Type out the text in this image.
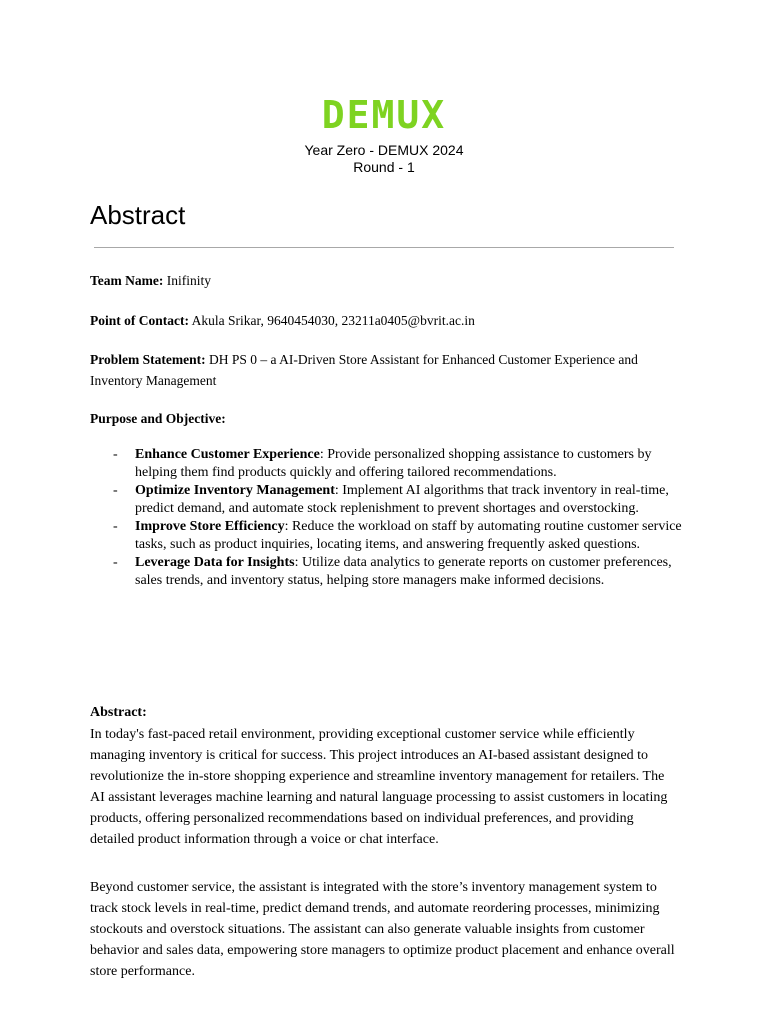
DEMUX
Year Zero - DEMUX 2024
Round - 1
Abstract
Team Name: Inifinity
Point of Contact: Akula Srikar, 9640454030, 23211a0405@bvrit.ac.in
Problem Statement: DH PS 0 – a AI-Driven Store Assistant for Enhanced Customer Experience and Inventory Management
Purpose and Objective:
- Enhance Customer Experience: Provide personalized shopping assistance to customers by helping them find products quickly and offering tailored recommendations.
- Optimize Inventory Management: Implement AI algorithms that track inventory in real-time, predict demand, and automate stock replenishment to prevent shortages and overstocking.
- Improve Store Efficiency: Reduce the workload on staff by automating routine customer service tasks, such as product inquiries, locating items, and answering frequently asked questions.
- Leverage Data for Insights: Utilize data analytics to generate reports on customer preferences, sales trends, and inventory status, helping store managers make informed decisions.
Abstract:

In today's fast-paced retail environment, providing exceptional customer service while efficiently managing inventory is critical for success. This project introduces an AI-based assistant designed to revolutionize the in-store shopping experience and streamline inventory management for retailers. The AI assistant leverages machine learning and natural language processing to assist customers in locating products, offering personalized recommendations based on individual preferences, and providing detailed product information through a voice or chat interface.

Beyond customer service, the assistant is integrated with the store’s inventory management system to track stock levels in real-time, predict demand trends, and automate reordering processes, minimizing stockouts and overstock situations. The assistant can also generate valuable insights from customer behavior and sales data, empowering store managers to optimize product placement and enhance overall store performance.
